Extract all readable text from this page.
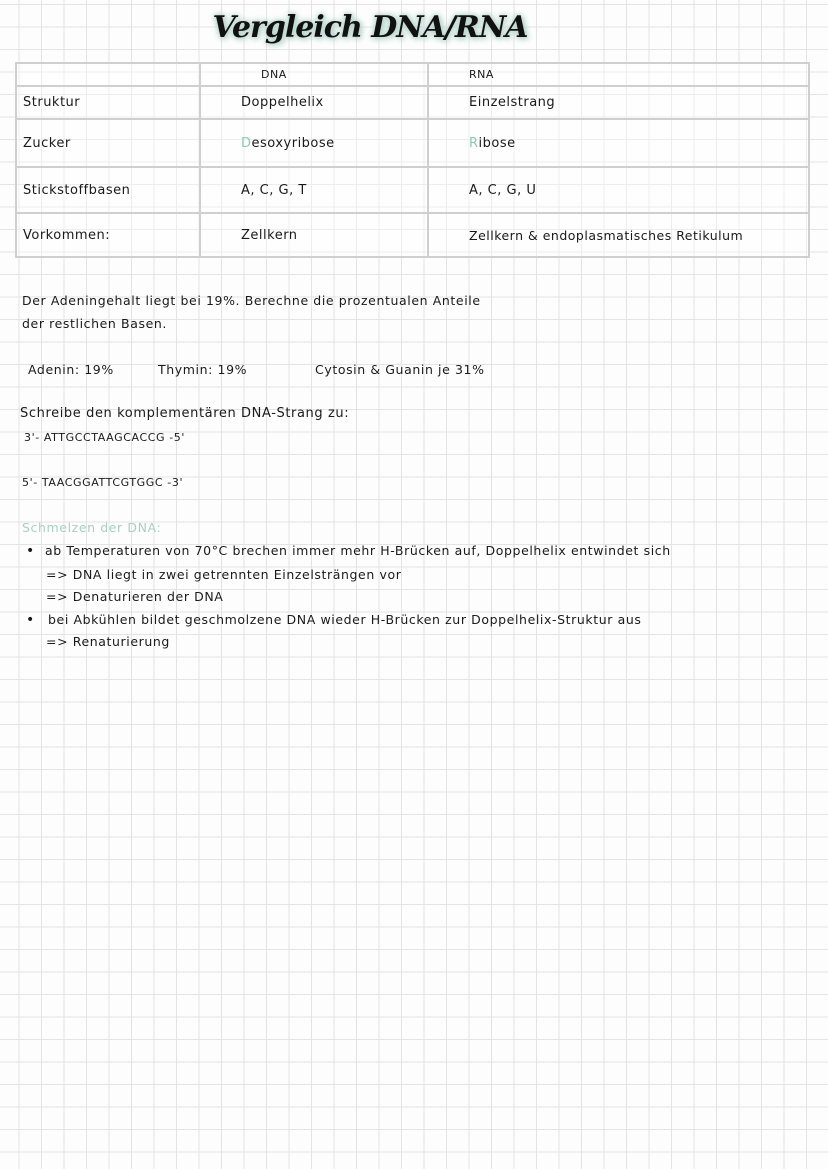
Vergleich DNA/RNA
	DNA	RNA
Struktur	Doppelhelix	Einzelstrang
Zucker	Desoxyribose	Ribose
Stickstoffbasen	A, C, G, T	A, C, G, U
Vorkommen:	Zellkern	Zellkern & endoplasmatisches Retikulum
Der Adeningehalt liegt bei 19%. Berechne die prozentualen Anteile
der restlichen Basen.
Adenin: 19%	Thymin: 19%	Cytosin & Guanin je 31%
Schreibe den komplementären DNA-Strang zu:
3'- ATTGCCTAAGCACCG -5'
5'- TAACGGATTCGTGGC -3'
Schmelzen der DNA:
• ab Temperaturen von 70°C brechen immer mehr H-Brücken auf, Doppelhelix entwindet sich
=> DNA liegt in zwei getrennten Einzelsträngen vor
=> Denaturieren der DNA
• bei Abkühlen bildet geschmolzene DNA wieder H-Brücken zur Doppelhelix-Struktur aus
=> Renaturierung
